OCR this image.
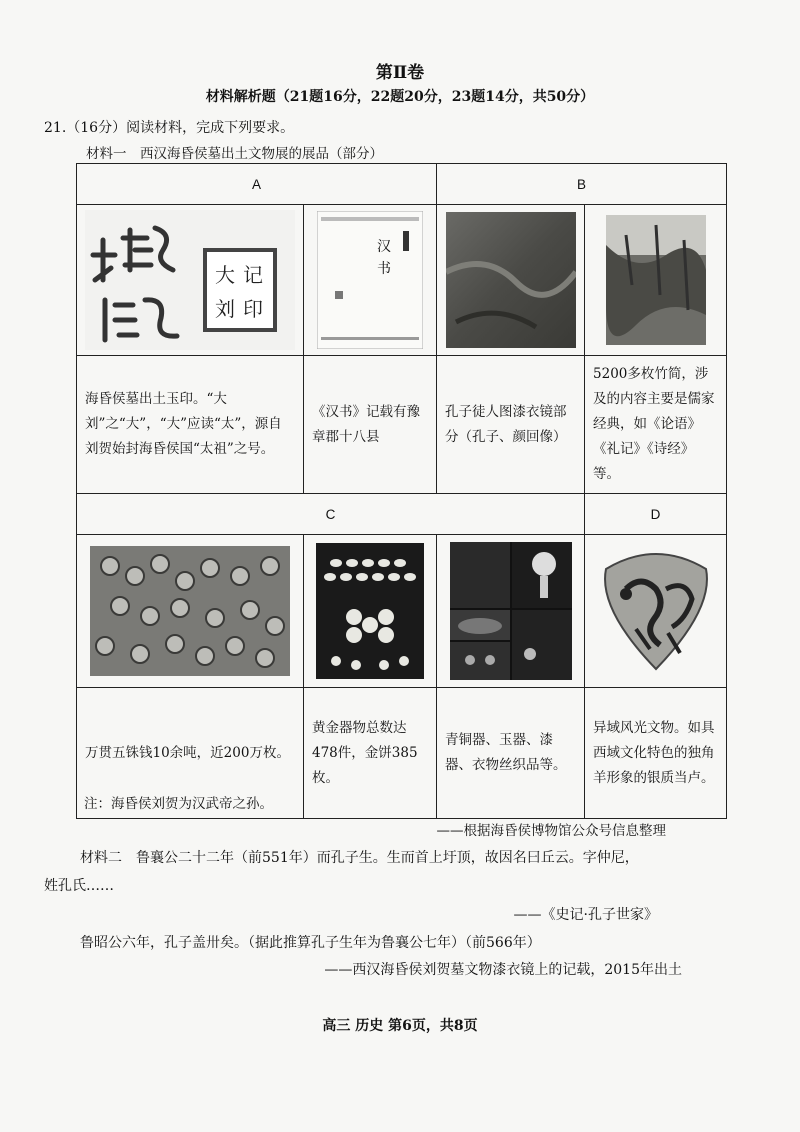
第Ⅱ卷
材料解析题（21题16分，22题20分，23题14分，共50分）
21.（16分）阅读材料，完成下列要求。
材料一　西汉海昏侯墓出土文物展的展品（部分）
A		B	

大 记
刘 印	汉
书

海昏侯墓出土玉印。“大刘”之“大”，“大”应读“太”，源自刘贺始封海昏侯国“太祖”之号。	《汉书》记载有豫章郡十八县	孔子徒人图漆衣镜部分（孔子、颜回像）	5200多枚竹简，涉及的内容主要是儒家经典，如《论语》《礼记》《诗经》等。
C			D

万贯五铢钱10余吨，近200万枚。	黄金器物总数达478件，金饼385枚。	青铜器、玉器、漆器、衣物丝织品等。	异域风光文物。如具西域文化特色的独角羊形象的银质当卢。
注：海昏侯刘贺为汉武帝之孙。
——根据海昏侯博物馆公众号信息整理
材料二　鲁襄公二十二年（前551年）而孔子生。生而首上圩顶，故因名曰丘云。字仲尼，
姓孔氏……
——《史记·孔子世家》
鲁昭公六年，孔子盖卅矣。（据此推算孔子生年为鲁襄公七年）（前566年）
——西汉海昏侯刘贺墓文物漆衣镜上的记载，2015年出土
高三 历史 第6页，共8页
